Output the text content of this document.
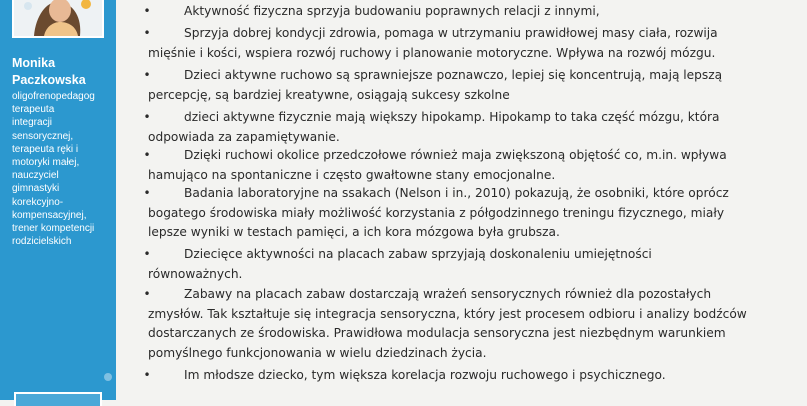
Monika
Paczkowska
oligofrenopedagog
terapeuta
integracji
sensorycznej,
terapeuta ręki i
motoryki małej,
nauczyciel
gimnastyki
korekcyjno-
kompensacyjnej,
trener kompetencji
rodzicielskich
•	Aktywność fizyczna sprzyja budowaniu poprawnych relacji z innymi,
•	Sprzyja dobrej kondycji zdrowia, pomaga w utrzymaniu prawidłowej masy ciała, rozwija
mięśnie i kości, wspiera rozwój ruchowy i planowanie motoryczne. Wpływa na rozwój mózgu.
•	Dzieci aktywne ruchowo są sprawniejsze poznawczo, lepiej się koncentrują, mają lepszą
percepcję, są bardziej kreatywne, osiągają sukcesy szkolne
•	dzieci aktywne fizycznie mają większy hipokamp. Hipokamp to taka część mózgu, która
odpowiada za zapamiętywanie.
•	Dzięki ruchowi okolice przedczołowe również maja zwiększoną objętość co, m.in. wpływa
hamująco na spontaniczne i często gwałtowne stany emocjonalne.
•	Badania laboratoryjne na ssakach (Nelson i in., 2010) pokazują, że osobniki, które oprócz
bogatego środowiska miały możliwość korzystania z półgodzinnego treningu fizycznego, miały
lepsze wyniki w testach pamięci, a ich kora mózgowa była grubsza.
•	Dziecięce aktywności na placach zabaw sprzyjają doskonaleniu umiejętności
równoważnych.
•	Zabawy na placach zabaw dostarczają wrażeń sensorycznych również dla pozostałych
zmysłów. Tak kształtuje się integracja sensoryczna, który jest procesem odbioru i analizy bodźców
dostarczanych ze środowiska. Prawidłowa modulacja sensoryczna jest niezbędnym warunkiem
pomyślnego funkcjonowania w wielu dziedzinach życia.
•	Im młodsze dziecko, tym większa korelacja rozwoju ruchowego i psychicznego.
